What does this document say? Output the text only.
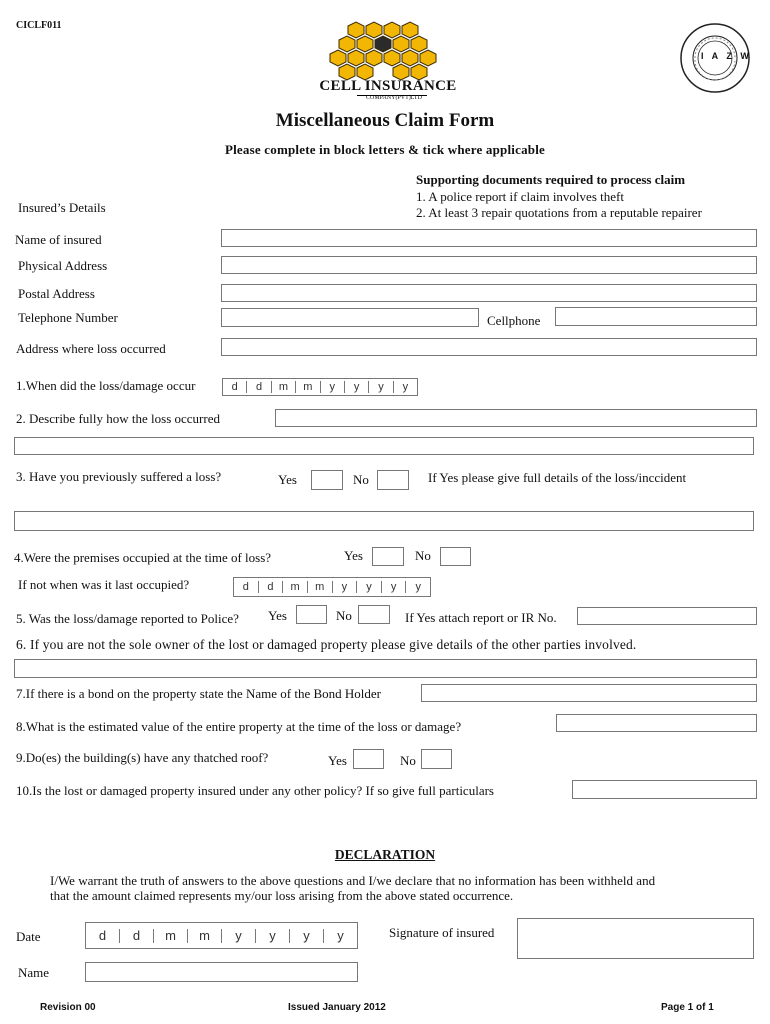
CICLF011
CELL INSURANCE
COMPANY(PVT)LTD
I A Z W
Miscellaneous Claim Form
Please complete in block letters & tick where applicable
Supporting documents required to process claim
1. A police report if claim involves theft
2. At least 3 repair quotations from a reputable repairer
Insured’s Details
Name of insured
Physical Address
Postal Address
Telephone Number	Cellphone
Address where loss occurred
1.When did the loss/damage occur	d	d	m	m	y	y	y	y
2. Describe fully how the loss occurred
3. Have you previously suffered a loss?	Yes	No	If Yes please give full details of the loss/inccident
4.Were the premises occupied at the time of loss?	Yes	No
If not when was it last occupied?	d	d	m	m	y	y	y	y
5. Was the loss/damage reported to Police? Yes	No	If Yes attach report or IR No.
6. If you are not the sole owner of the lost or damaged property please give details of the other parties involved.
7.If there is a bond on the property state the Name of the Bond Holder
8.What is the estimated value of the entire property at the time of the loss or damage?
9.Do(es) the building(s) have any thatched roof?	Yes	No
10.Is the lost or damaged property insured under any other policy? If so give full particulars
DECLARATION
I/We warrant the truth of answers to the above questions and I/we declare that no information has been withheld and
that the amount claimed represents my/our loss arising from the above stated occurrence.
Date	d	d	m	m	y	y	y	y	Signature of insured
Name
Revision 00	Issued January 2012	Page 1 of 1
